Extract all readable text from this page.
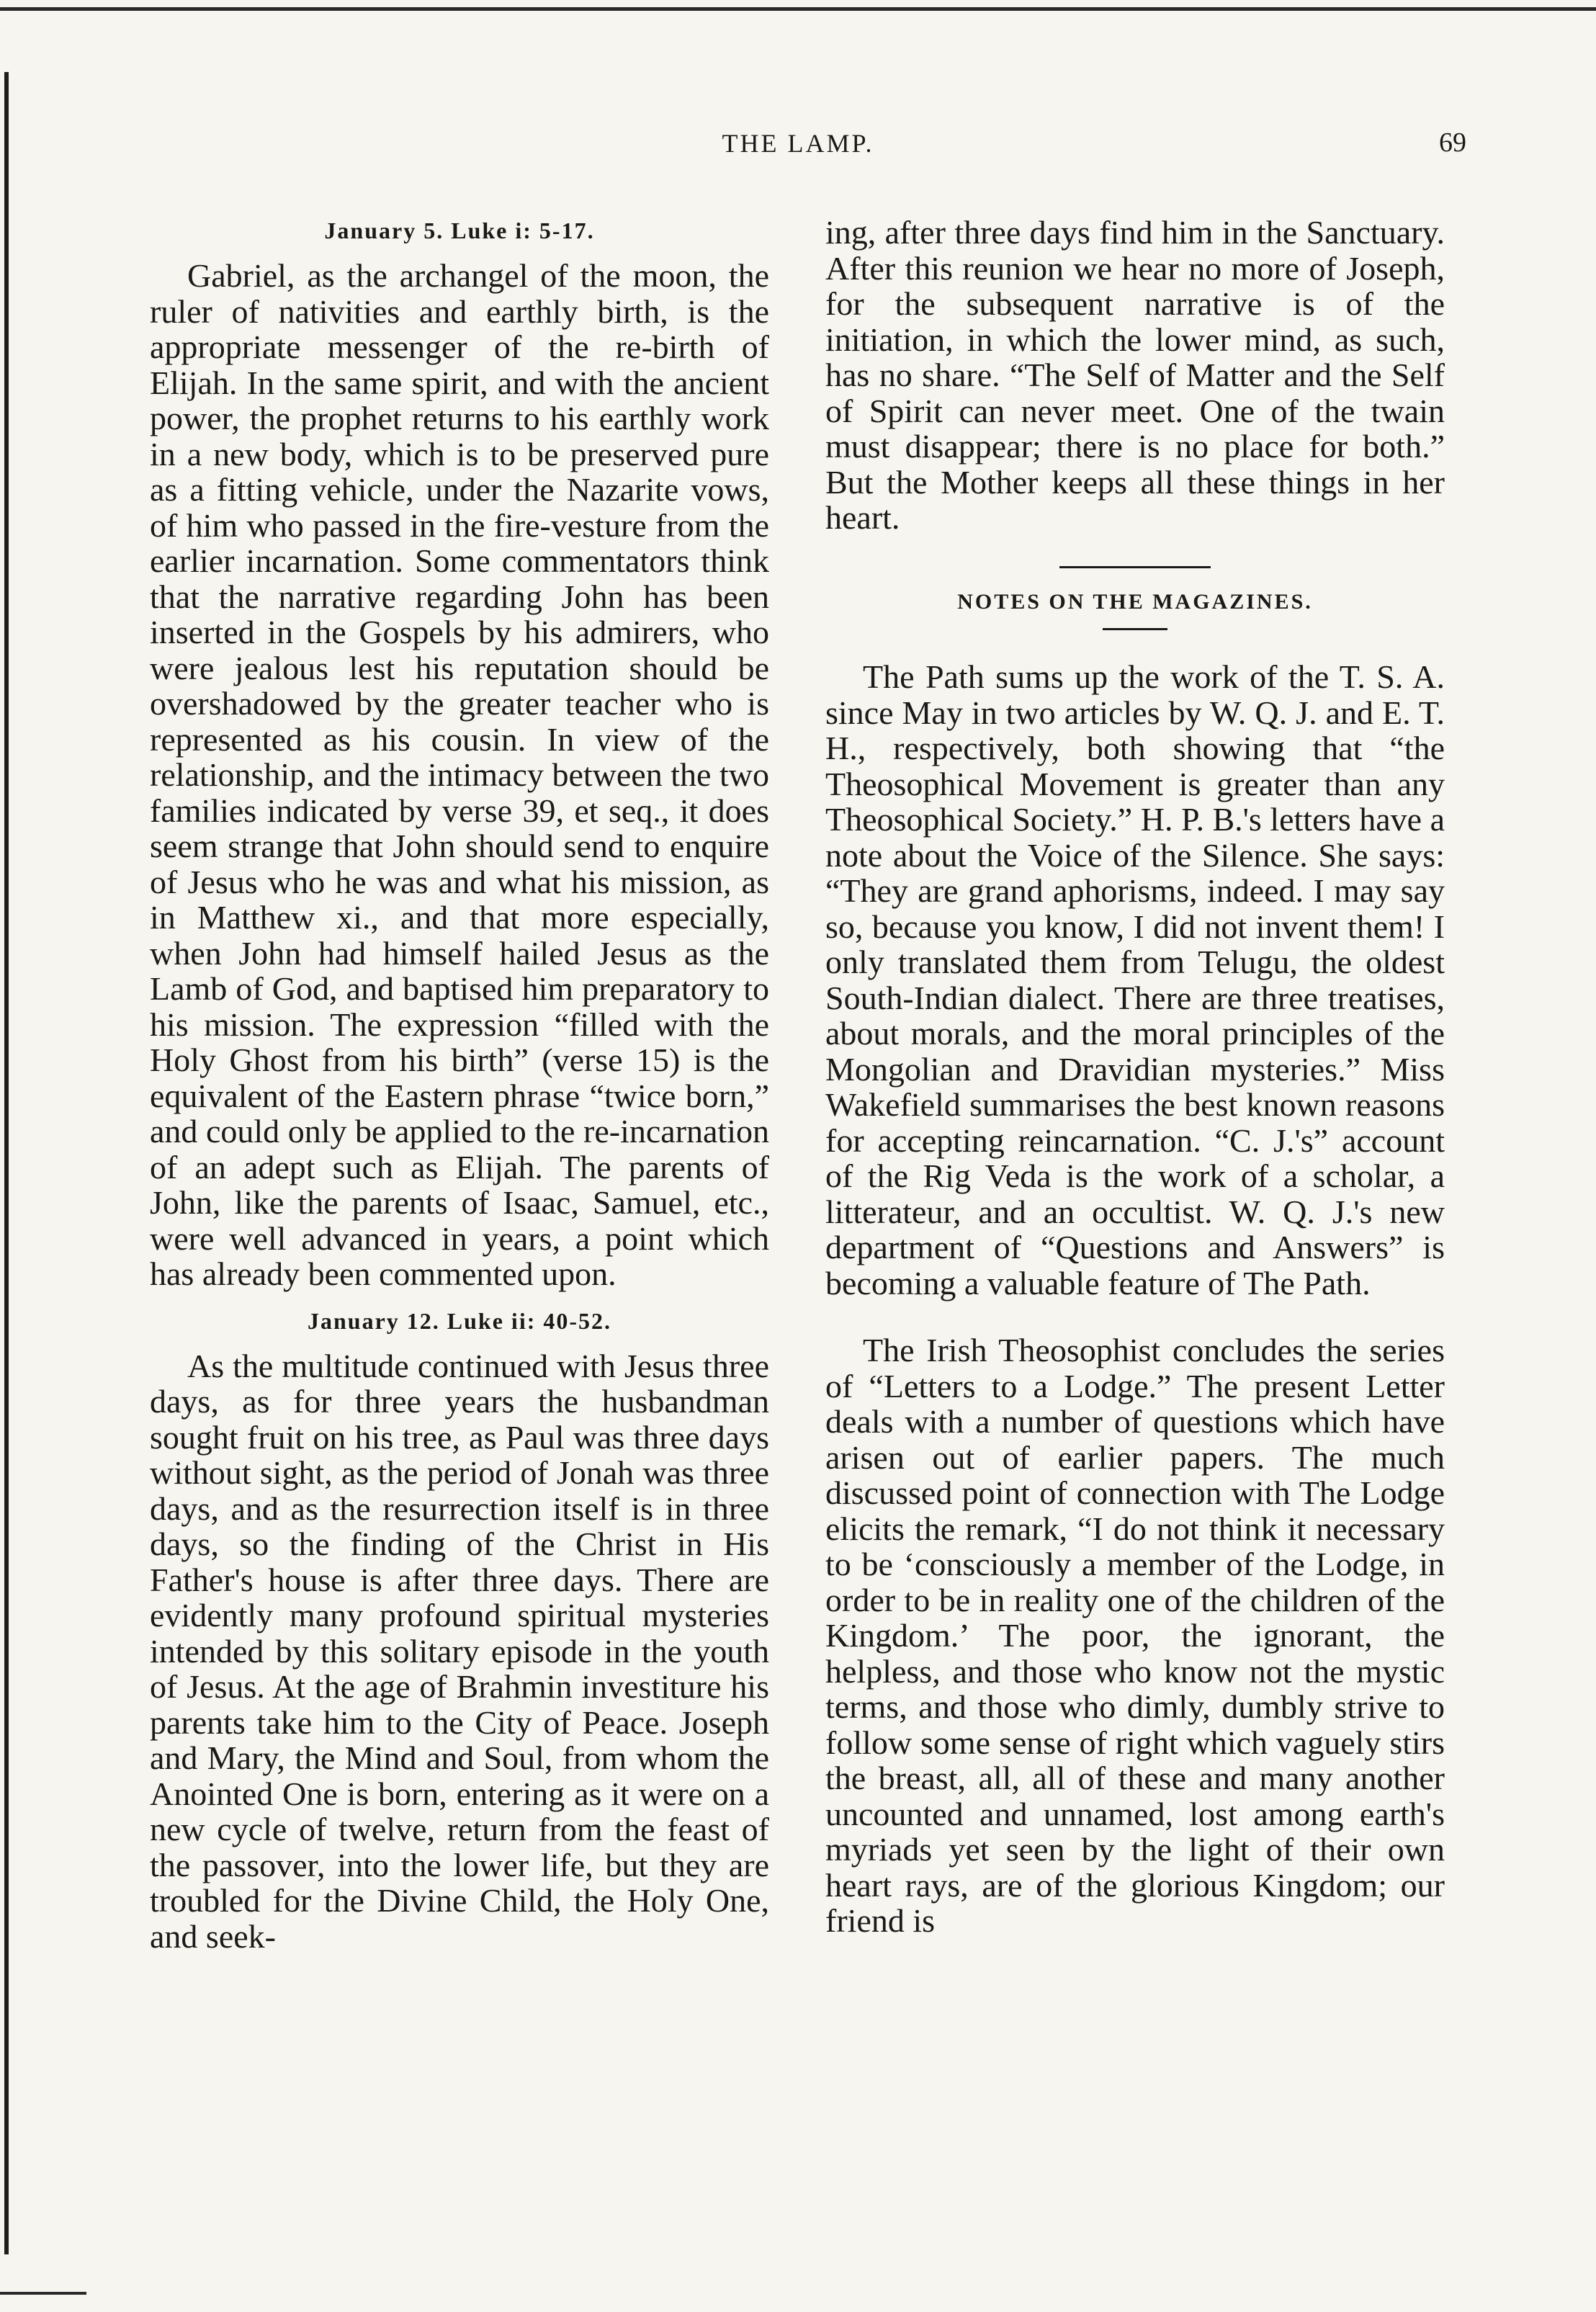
THE LAMP.	69
January 5. Luke i: 5-17.

Gabriel, as the archangel of the moon, the ruler of nativities and earthly birth, is the appropriate messenger of the re-birth of Elijah. In the same spirit, and with the ancient power, the prophet returns to his earthly work in a new body, which is to be preserved pure as a fitting vehicle, under the Nazarite vows, of him who passed in the fire-vesture from the earlier incarnation. Some commentators think that the narrative regarding John has been inserted in the Gospels by his admirers, who were jealous lest his reputation should be overshadowed by the greater teacher who is represented as his cousin. In view of the relationship, and the intimacy between the two families indicated by verse 39, et seq., it does seem strange that John should send to enquire of Jesus who he was and what his mission, as in Matthew xi., and that more especially, when John had himself hailed Jesus as the Lamb of God, and baptised him preparatory to his mission. The expression “filled with the Holy Ghost from his birth” (verse 15) is the equivalent of the Eastern phrase “twice born,” and could only be applied to the re-incarnation of an adept such as Elijah. The parents of John, like the parents of Isaac, Samuel, etc., were well advanced in years, a point which has already been commented upon.

January 12. Luke ii: 40-52.

As the multitude continued with Jesus three days, as for three years the husbandman sought fruit on his tree, as Paul was three days without sight, as the period of Jonah was three days, and as the resurrection itself is in three days, so the finding of the Christ in His Father's house is after three days. There are evidently many profound spiritual mysteries intended by this solitary episode in the youth of Jesus. At the age of Brahmin investiture his parents take him to the City of Peace. Joseph and Mary, the Mind and Soul, from whom the Anointed One is born, entering as it were on a new cycle of twelve, return from the feast of the passover, into the lower life, but they are troubled for the Divine Child, the Holy One, and seek-

ing, after three days find him in the Sanctuary. After this reunion we hear no more of Joseph, for the subsequent narrative is of the initiation, in which the lower mind, as such, has no share. “The Self of Matter and the Self of Spirit can never meet. One of the twain must disappear; there is no place for both.” But the Mother keeps all these things in her heart.

NOTES ON THE MAGAZINES.

The Path sums up the work of the T. S. A. since May in two articles by W. Q. J. and E. T. H., respectively, both showing that “the Theosophical Movement is greater than any Theosophical Society.” H. P. B.'s letters have a note about the Voice of the Silence. She says: “They are grand aphorisms, indeed. I may say so, because you know, I did not invent them! I only translated them from Telugu, the oldest South-Indian dialect. There are three treatises, about morals, and the moral principles of the Mongolian and Dravidian mysteries.” Miss Wakefield summarises the best known reasons for accepting reincarnation. “C. J.'s” account of the Rig Veda is the work of a scholar, a litterateur, and an occultist. W. Q. J.'s new department of “Questions and Answers” is becoming a valuable feature of The Path.

The Irish Theosophist concludes the series of “Letters to a Lodge.” The present Letter deals with a number of questions which have arisen out of earlier papers. The much discussed point of connection with The Lodge elicits the remark, “I do not think it necessary to be ‘consciously a member of the Lodge, in order to be in reality one of the children of the Kingdom.’ The poor, the ignorant, the helpless, and those who know not the mystic terms, and those who dimly, dumbly strive to follow some sense of right which vaguely stirs the breast, all, all of these and many another uncounted and unnamed, lost among earth's myriads yet seen by the light of their own heart rays, are of the glorious Kingdom; our friend is
